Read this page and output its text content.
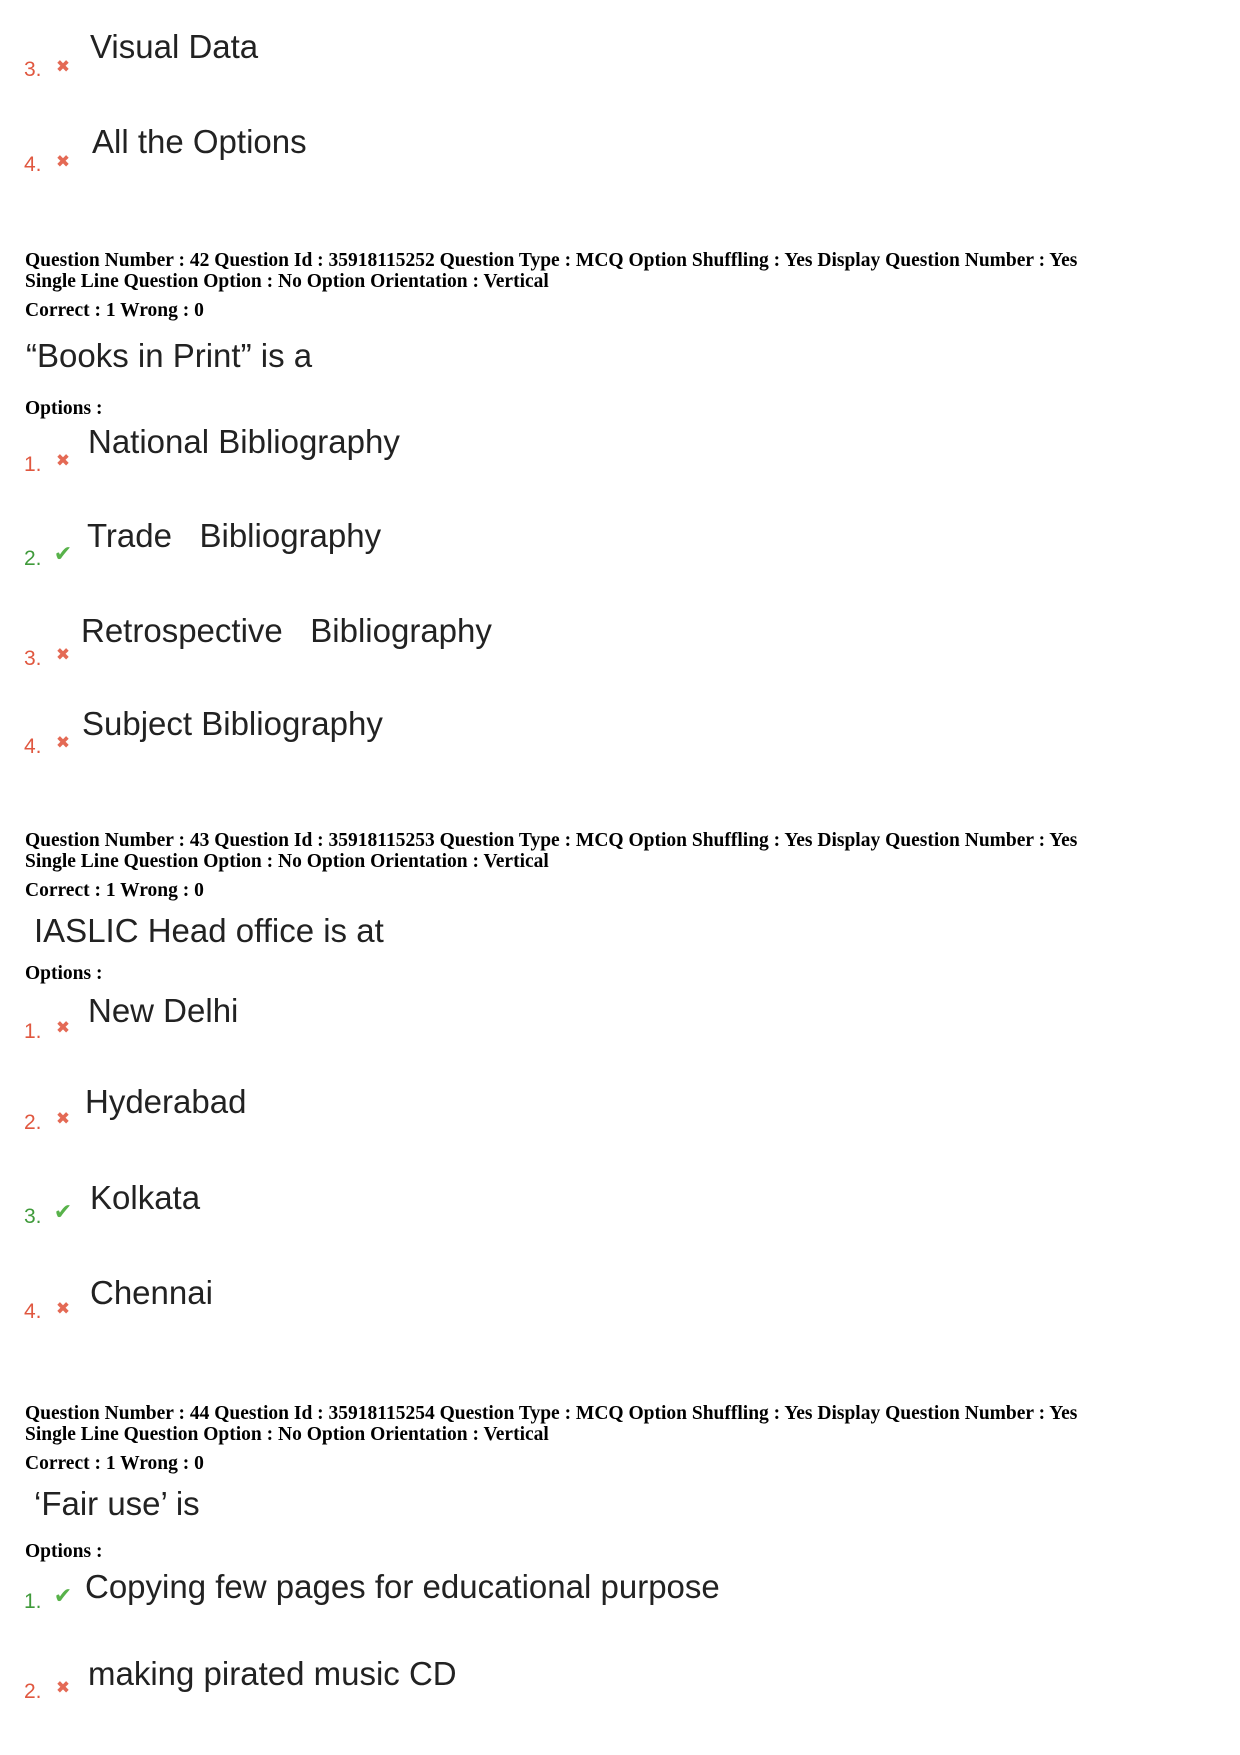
3. ✖
Visual Data
4. ✖
All the Options
Question Number : 42 Question Id : 35918115252 Question Type : MCQ Option Shuffling : Yes Display Question Number : Yes
Single Line Question Option : No Option Orientation : Vertical
Correct : 1 Wrong : 0
“Books in Print” is a
Options :
1. ✖
National Bibliography
2. ✔
Trade   Bibliography
3. ✖
Retrospective   Bibliography
4. ✖
Subject Bibliography
Question Number : 43 Question Id : 35918115253 Question Type : MCQ Option Shuffling : Yes Display Question Number : Yes
Single Line Question Option : No Option Orientation : Vertical
Correct : 1 Wrong : 0
IASLIC Head office is at
Options :
1. ✖ New Delhi
2. ✖ Hyderabad
3. ✔ Kolkata
4. ✖ Chennai
Question Number : 44 Question Id : 35918115254 Question Type : MCQ Option Shuffling : Yes Display Question Number : Yes
Single Line Question Option : No Option Orientation : Vertical
Correct : 1 Wrong : 0
‘Fair use’ is
Options :
1. ✔ Copying few pages for educational purpose
2. ✖ making pirated music CD
